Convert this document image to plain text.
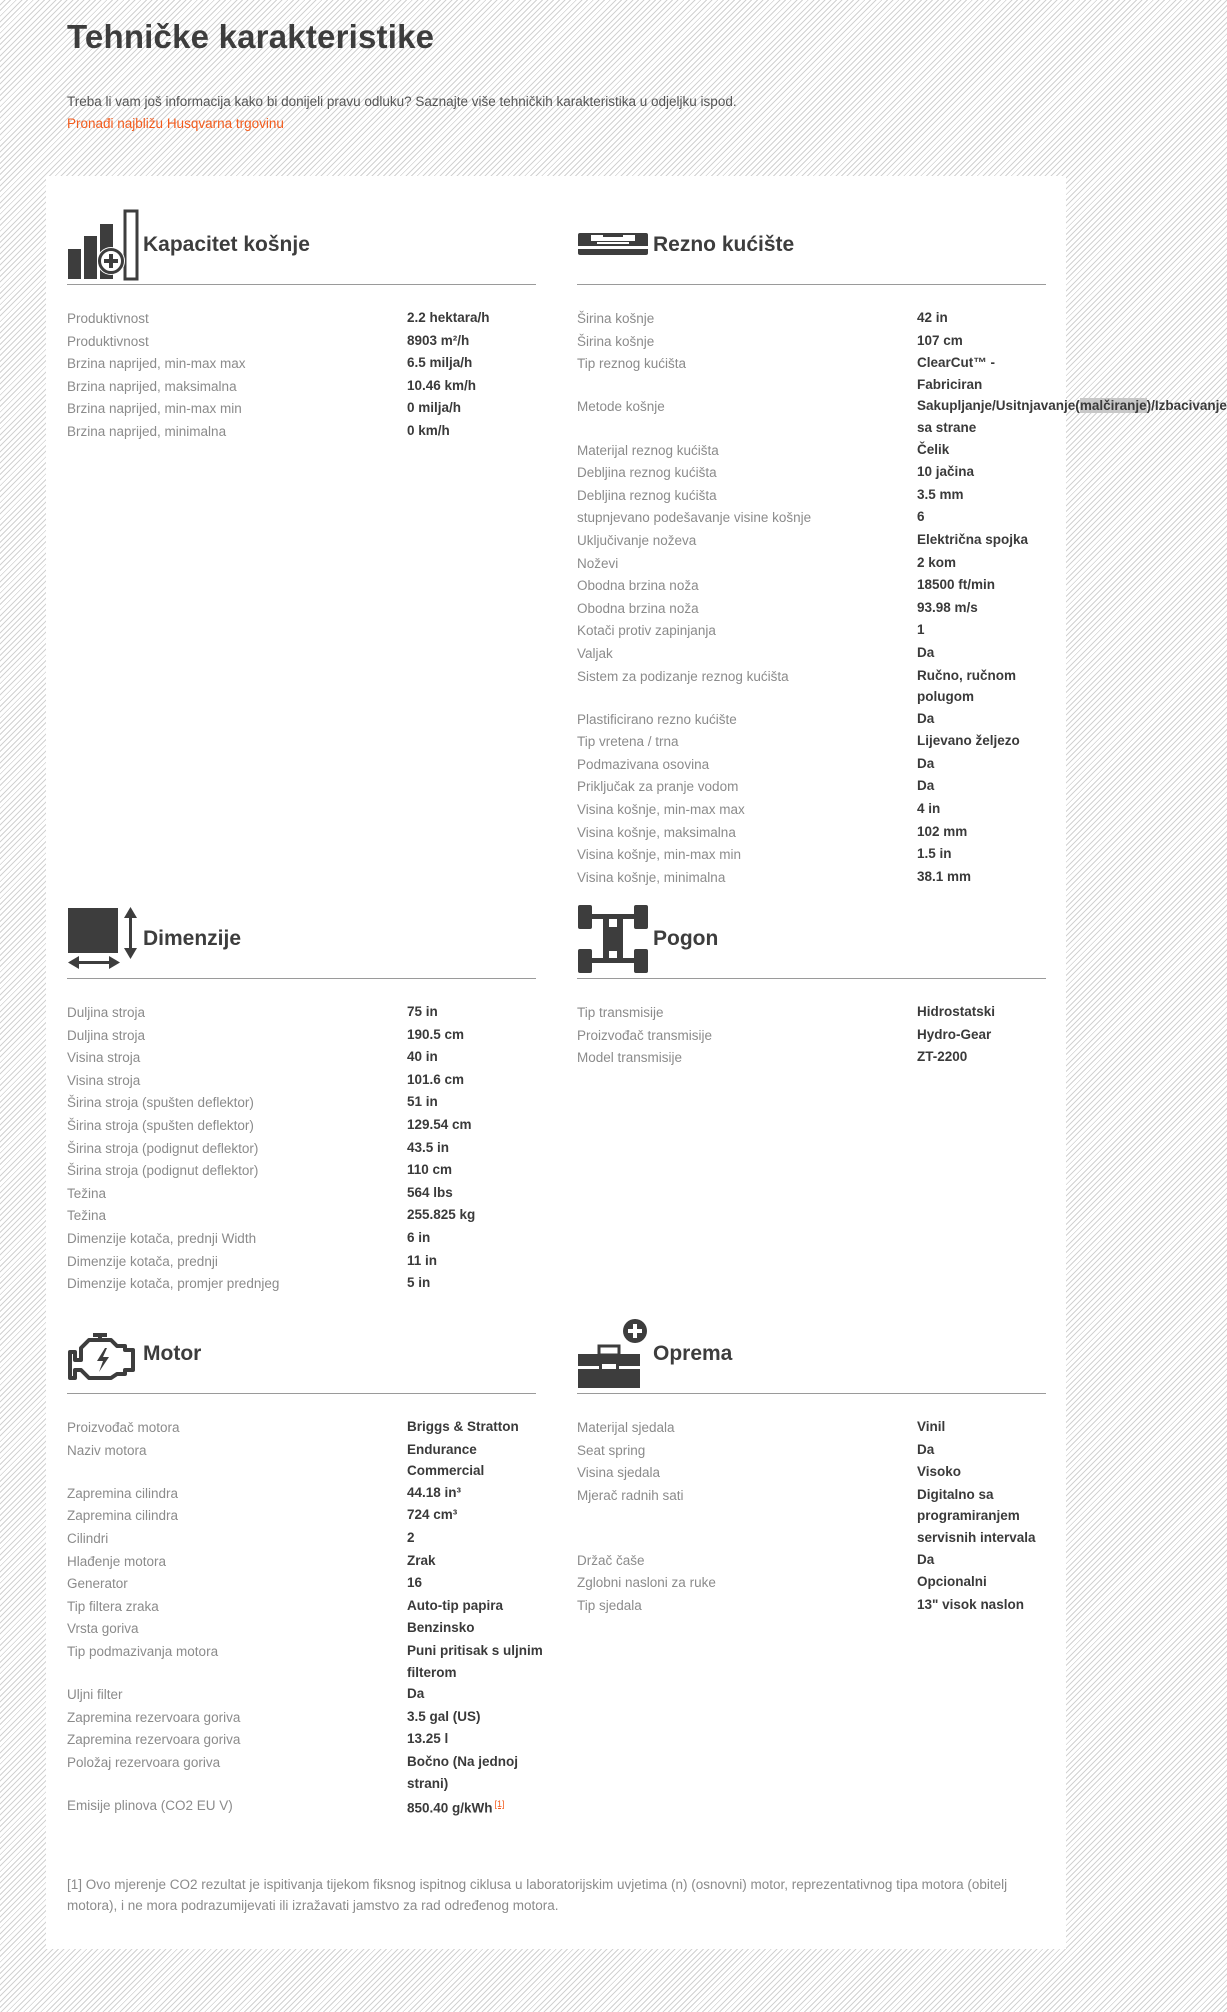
Tehničke karakteristike

Treba li vam još informacija kako bi donijeli pravu odluku? Saznajte više tehničkih karakteristika u odjeljku ispod.

Pronađi najbližu Husqvarna trgovinu
Kapacitet košnje
Produktivnost	2.2 hektara/h
Produktivnost	8903 m²/h
Brzina naprijed, min-max max	6.5 milja/h
Brzina naprijed, maksimalna	10.46 km/h
Brzina naprijed, min-max min	0 milja/h
Brzina naprijed, minimalna	0 km/h
Rezno kućište
Širina košnje	42 in
Širina košnje	107 cm
Tip reznog kućišta	ClearCut™ - Fabriciran
Metode košnje	Sakupljanje/Usitnjavanje(malčiranje)/Izbacivanje
sa strane
Materijal reznog kućišta	Čelik
Debljina reznog kućišta	10 jačina
Debljina reznog kućišta	3.5 mm
stupnjevano podešavanje visine košnje	6
Uključivanje noževa	Električna spojka
Noževi	2 kom
Obodna brzina noža	18500 ft/min
Obodna brzina noža	93.98 m/s
Kotači protiv zapinjanja	1
Valjak	Da
Sistem za podizanje reznog kućišta	Ručno, ručnom polugom
Plastificirano rezno kućište	Da
Tip vretena / trna	Lijevano željezo
Podmazivana osovina	Da
Priključak za pranje vodom	Da
Visina košnje, min-max max	4 in
Visina košnje, maksimalna	102 mm
Visina košnje, min-max min	1.5 in
Visina košnje, minimalna	38.1 mm
Dimenzije
Duljina stroja	75 in
Duljina stroja	190.5 cm
Visina stroja	40 in
Visina stroja	101.6 cm
Širina stroja (spušten deflektor)	51 in
Širina stroja (spušten deflektor)	129.54 cm
Širina stroja (podignut deflektor)	43.5 in
Širina stroja (podignut deflektor)	110 cm
Težina	564 lbs
Težina	255.825 kg
Dimenzije kotača, prednji Width	6 in
Dimenzije kotača, prednji	11 in
Dimenzije kotača, promjer prednjeg	5 in
Pogon
Tip transmisije	Hidrostatski
Proizvođač transmisije	Hydro-Gear
Model transmisije	ZT-2200
Motor
Proizvođač motora	Briggs & Stratton
Naziv motora	Endurance Commercial
Zapremina cilindra	44.18 in³
Zapremina cilindra	724 cm³
Cilindri	2
Hlađenje motora	Zrak
Generator	16
Tip filtera zraka	Auto-tip papira
Vrsta goriva	Benzinsko
Tip podmazivanja motora	Puni pritisak s uljnim filterom
Uljni filter	Da
Zapremina rezervoara goriva	3.5 gal (US)
Zapremina rezervoara goriva	13.25 l
Položaj rezervoara goriva	Bočno (Na jednoj strani)
Emisije plinova (CO2 EU V)	850.40 g/kWh [1]
Oprema
Materijal sjedala	Vinil
Seat spring	Da
Visina sjedala	Visoko
Mjerač radnih sati	Digitalno sa programiranjem servisnih intervala
Držač čaše	Da
Zglobni nasloni za ruke	Opcionalni
Tip sjedala	13" visok naslon
[1] Ovo mjerenje CO2 rezultat je ispitivanja tijekom fiksnog ispitnog ciklusa u laboratorijskim uvjetima (n) (osnovni) motor, reprezentativnog tipa motora (obitelj motora), i ne mora podrazumijevati ili izražavati jamstvo za rad određenog motora.
